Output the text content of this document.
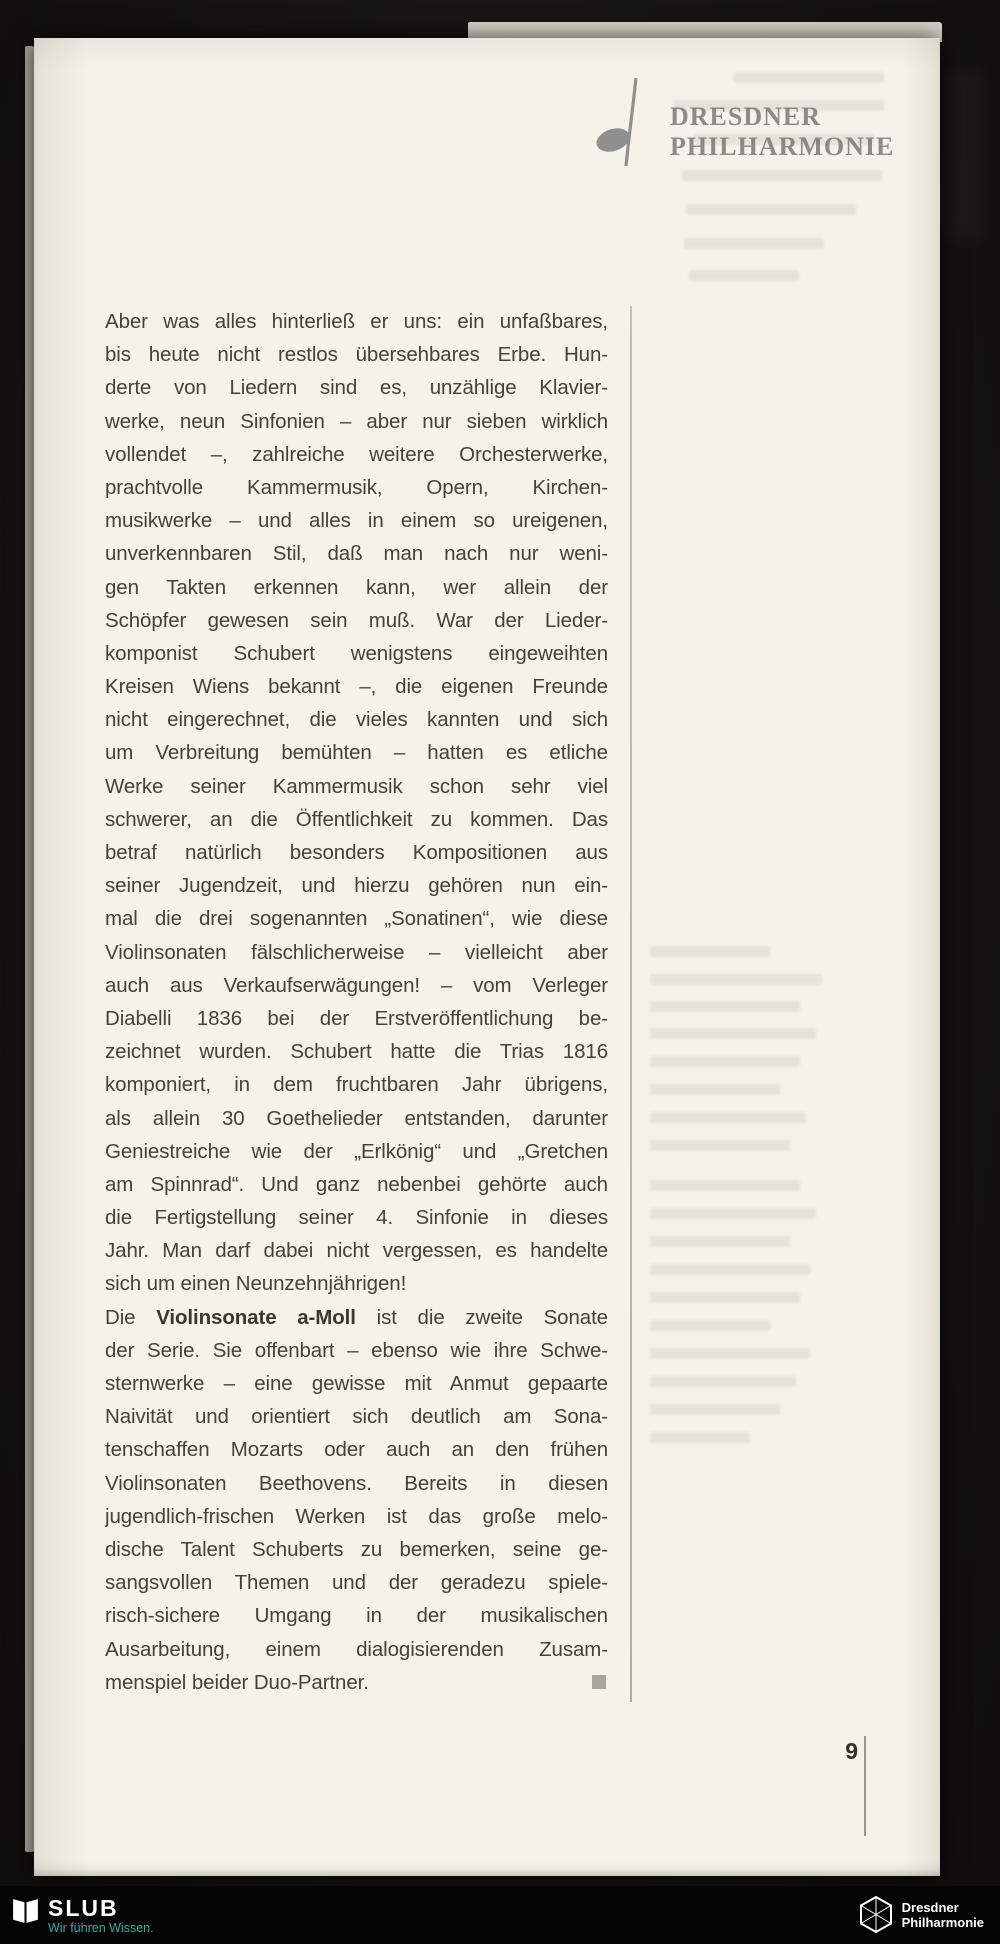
DRESDNER
PHILHARMONIE
Aber was alles hinterließ er uns: ein unfaßbares,
bis heute nicht restlos übersehbares Erbe. Hun-
derte von Liedern sind es, unzählige Klavier-
werke, neun Sinfonien – aber nur sieben wirklich
vollendet –, zahlreiche weitere Orchesterwerke,
prachtvolle Kammermusik, Opern, Kirchen-
musikwerke – und alles in einem so ureigenen,
unverkennbaren Stil, daß man nach nur weni-
gen Takten erkennen kann, wer allein der
Schöpfer gewesen sein muß. War der Lieder-
komponist Schubert wenigstens eingeweihten
Kreisen Wiens bekannt –, die eigenen Freunde
nicht eingerechnet, die vieles kannten und sich
um Verbreitung bemühten – hatten es etliche
Werke seiner Kammermusik schon sehr viel
schwerer, an die Öffentlichkeit zu kommen. Das
betraf natürlich besonders Kompositionen aus
seiner Jugendzeit, und hierzu gehören nun ein-
mal die drei sogenannten „Sonatinen“, wie diese
Violinsonaten fälschlicherweise – vielleicht aber
auch aus Verkaufserwägungen! – vom Verleger
Diabelli 1836 bei der Erstveröffentlichung be-
zeichnet wurden. Schubert hatte die Trias 1816
komponiert, in dem fruchtbaren Jahr übrigens,
als allein 30 Goethelieder entstanden, darunter
Geniestreiche wie der „Erlkönig“ und „Gretchen
am Spinnrad“. Und ganz nebenbei gehörte auch
die Fertigstellung seiner 4. Sinfonie in dieses
Jahr. Man darf dabei nicht vergessen, es handelte
sich um einen Neunzehnjährigen!
Die Violinsonate a-Moll ist die zweite Sonate
der Serie. Sie offenbart – ebenso wie ihre Schwe-
sternwerke – eine gewisse mit Anmut gepaarte
Naivität und orientiert sich deutlich am Sona-
tenschaffen Mozarts oder auch an den frühen
Violinsonaten Beethovens. Bereits in diesen
jugendlich-frischen Werken ist das große melo-
dische Talent Schuberts zu bemerken, seine ge-
sangsvollen Themen und der geradezu spiele-
risch-sichere Umgang in der musikalischen
Ausarbeitung, einem dialogisierenden Zusam-
menspiel beider Duo-Partner.
9
SLUB
Wir führen Wissen.
Dresdner
Philharmonie
